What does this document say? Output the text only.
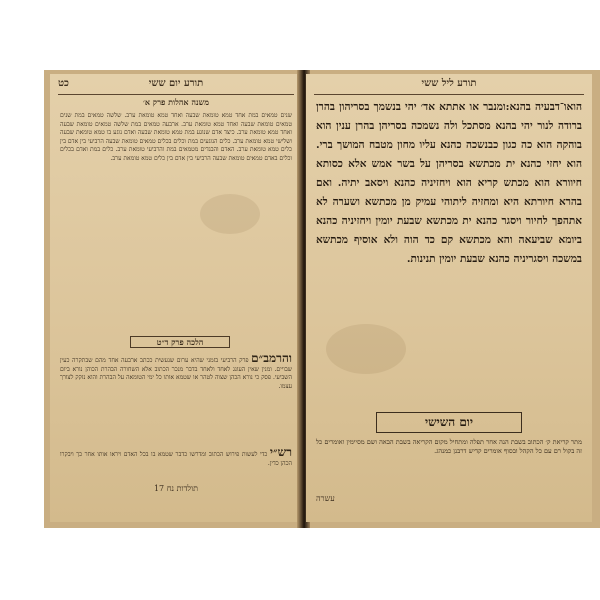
כט	תורע יום ששי
משנה אהלות פרק א׳
שנים טמאים במת אחד טמא טומאת שבעה ואחד טמא טומאת ערב. שלשה טמאים במת שנים טמאים טומאת שבעה ואחד טמא טומאת ערב. ארבעה טמאים במת שלשה טמאים טומאת שבעה ואחד טמא טומאת ערב. כיצד אדם שנוגע במת טמא טומאת שבעה ואדם נוגע בו טמא טומאת שבעה ושלישי טמא טומאת ערב. כלים הנוגעים במת וכלים בכלים טמאים טומאת שבעה הרביעי בין אדם בין כלים טמא טומאת ערב. האדם והבגדים מטמאים במת והרביעי טומאת ערב. כלים במת ואדם בכלים וכלים באדם טמאים טומאת שבעה הרביעי בין אדם בין כלים טמא טומאת ערב.
הלכה פרק ד״ט
והרמב״ם פרק הרביעי בזמני שהיא ערום שנעשית ככתב ארבעה אחד מהם שבתקרה כעין שבויים. ומנין שאין העונג לאחד ולאחד בדבר מנכר הכתוב אלא השחורה הבהרת הכוהן נורא ביום השביעי. פסק כי נורא הכהן שצוה לטהר או שטמא אותו כל ימי הטומאה על הבהרת והוא נזקק לצורך עצמו.
רש״י כדי לעשות פירוש הכתוב ומדרשו כדבר שטמא בו בכל האדם ויראו אותו אחר כך ויבקרו הכהן כדין.
תולדות נח 17
תורע ליל ששי
הואו־דבעיה בהנא:ומנבר או אתתא אד׳ יהי בנשמך בסריהון בהרן ברודה לנור יהי בהנא מסתכל ולה נשמכה בסריהן בהרן ענין הוא בוהקה הוא כה כגון כבנשכה כהנא עליו מחון מטבח המושך ברי. הוא יחזי כהנא ית מכתשא בסריהן על בשר אמש אלא כסותא חיוורא הוא מכתש קריא הוא ויחזיניה כהנא ויסאב יתיה. ואם בהרא חיורתא היא ומחזיה ליתוהי עמיק מן מכתשא ושערה לא אתהפך לחיור ויסגר כהנא ית מכתשא שבעת יומין ויחזיניה כהנא ביומא שביעאה והא מכתשא קם כד הוה ולא אוסיף מכתשא במשכה ויסגריניה כהנא שבעת יומין תנינות.
יום השישי
מתר קריאת ק׳ הכתוב בשבת הנה אחר תפלה ומתחיל מקום הקריאה בשבת הבאה ושם מסיימין ואומרים כל זה בקול רם עם כל הקהל ובסוף אומרים קדיש דרבנן כמנהג.
עשרה
